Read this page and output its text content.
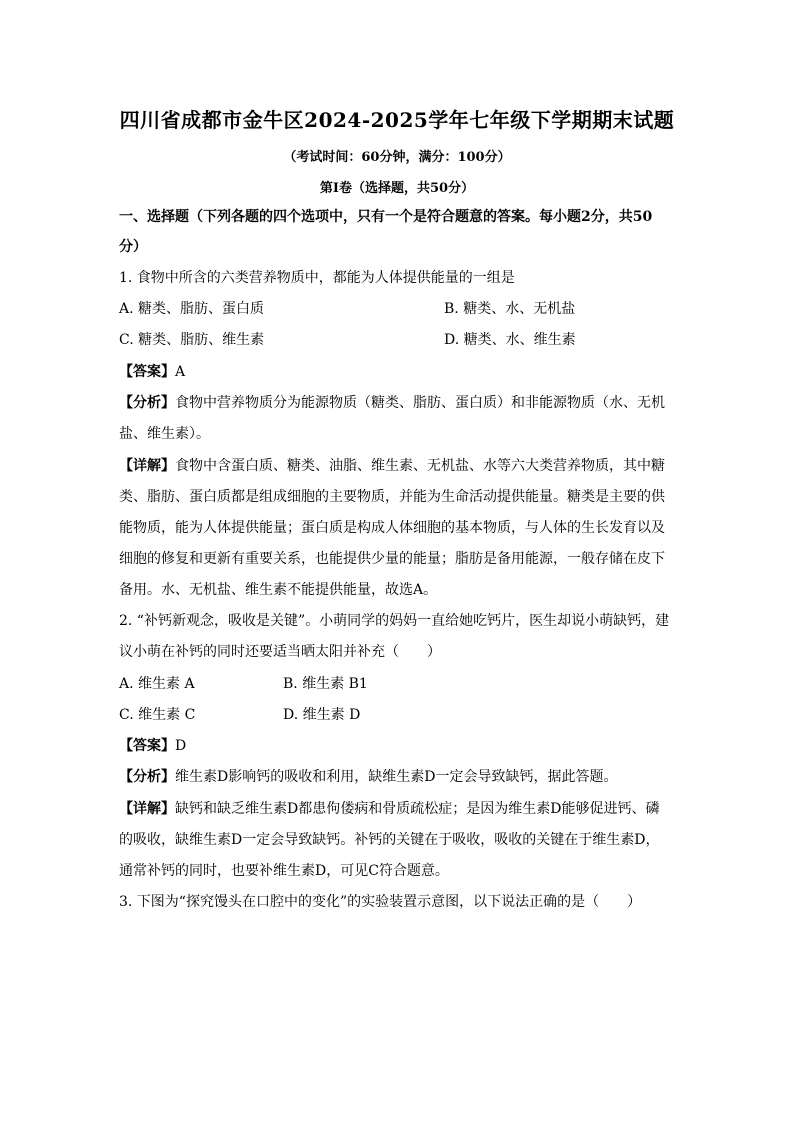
四川省成都市金牛区2024-2025学年七年级下学期期末试题
（考试时间：60分钟，满分：100分）
第Ⅰ卷（选择题，共50分）
一、选择题（下列各题的四个选项中，只有一个是符合题意的答案。每小题2分，共50
分）
1. 食物中所含的六类营养物质中，都能为人体提供能量的一组是
A. 糖类、脂肪、蛋白质	B. 糖类、水、无机盐
C. 糖类、脂肪、维生素	D. 糖类、水、维生素
【答案】A
【分析】食物中营养物质分为能源物质（糖类、脂肪、蛋白质）和非能源物质（水、无机
盐、维生素）。
【详解】食物中含蛋白质、糖类、油脂、维生素、无机盐、水等六大类营养物质，其中糖
类、脂肪、蛋白质都是组成细胞的主要物质，并能为生命活动提供能量。糖类是主要的供
能物质，能为人体提供能量；蛋白质是构成人体细胞的基本物质，与人体的生长发育以及
细胞的修复和更新有重要关系，也能提供少量的能量；脂肪是备用能源，一般存储在皮下
备用。水、无机盐、维生素不能提供能量，故选A。
2. “补钙新观念，吸收是关键”。小萌同学的妈妈一直给她吃钙片，医生却说小萌缺钙，建
议小萌在补钙的同时还要适当晒太阳并补充（　　）
A. 维生素 A	B. 维生素 B1
C. 维生素 C	D. 维生素 D
【答案】D
【分析】维生素D影响钙的吸收和利用，缺维生素D一定会导致缺钙，据此答题。
【详解】缺钙和缺乏维生素D都患佝偻病和骨质疏松症；是因为维生素D能够促进钙、磷
的吸收，缺维生素D一定会导致缺钙。补钙的关键在于吸收，吸收的关键在于维生素D，
通常补钙的同时，也要补维生素D，可见C符合题意。
3. 下图为“探究馒头在口腔中的变化”的实验装置示意图，以下说法正确的是（　　）
